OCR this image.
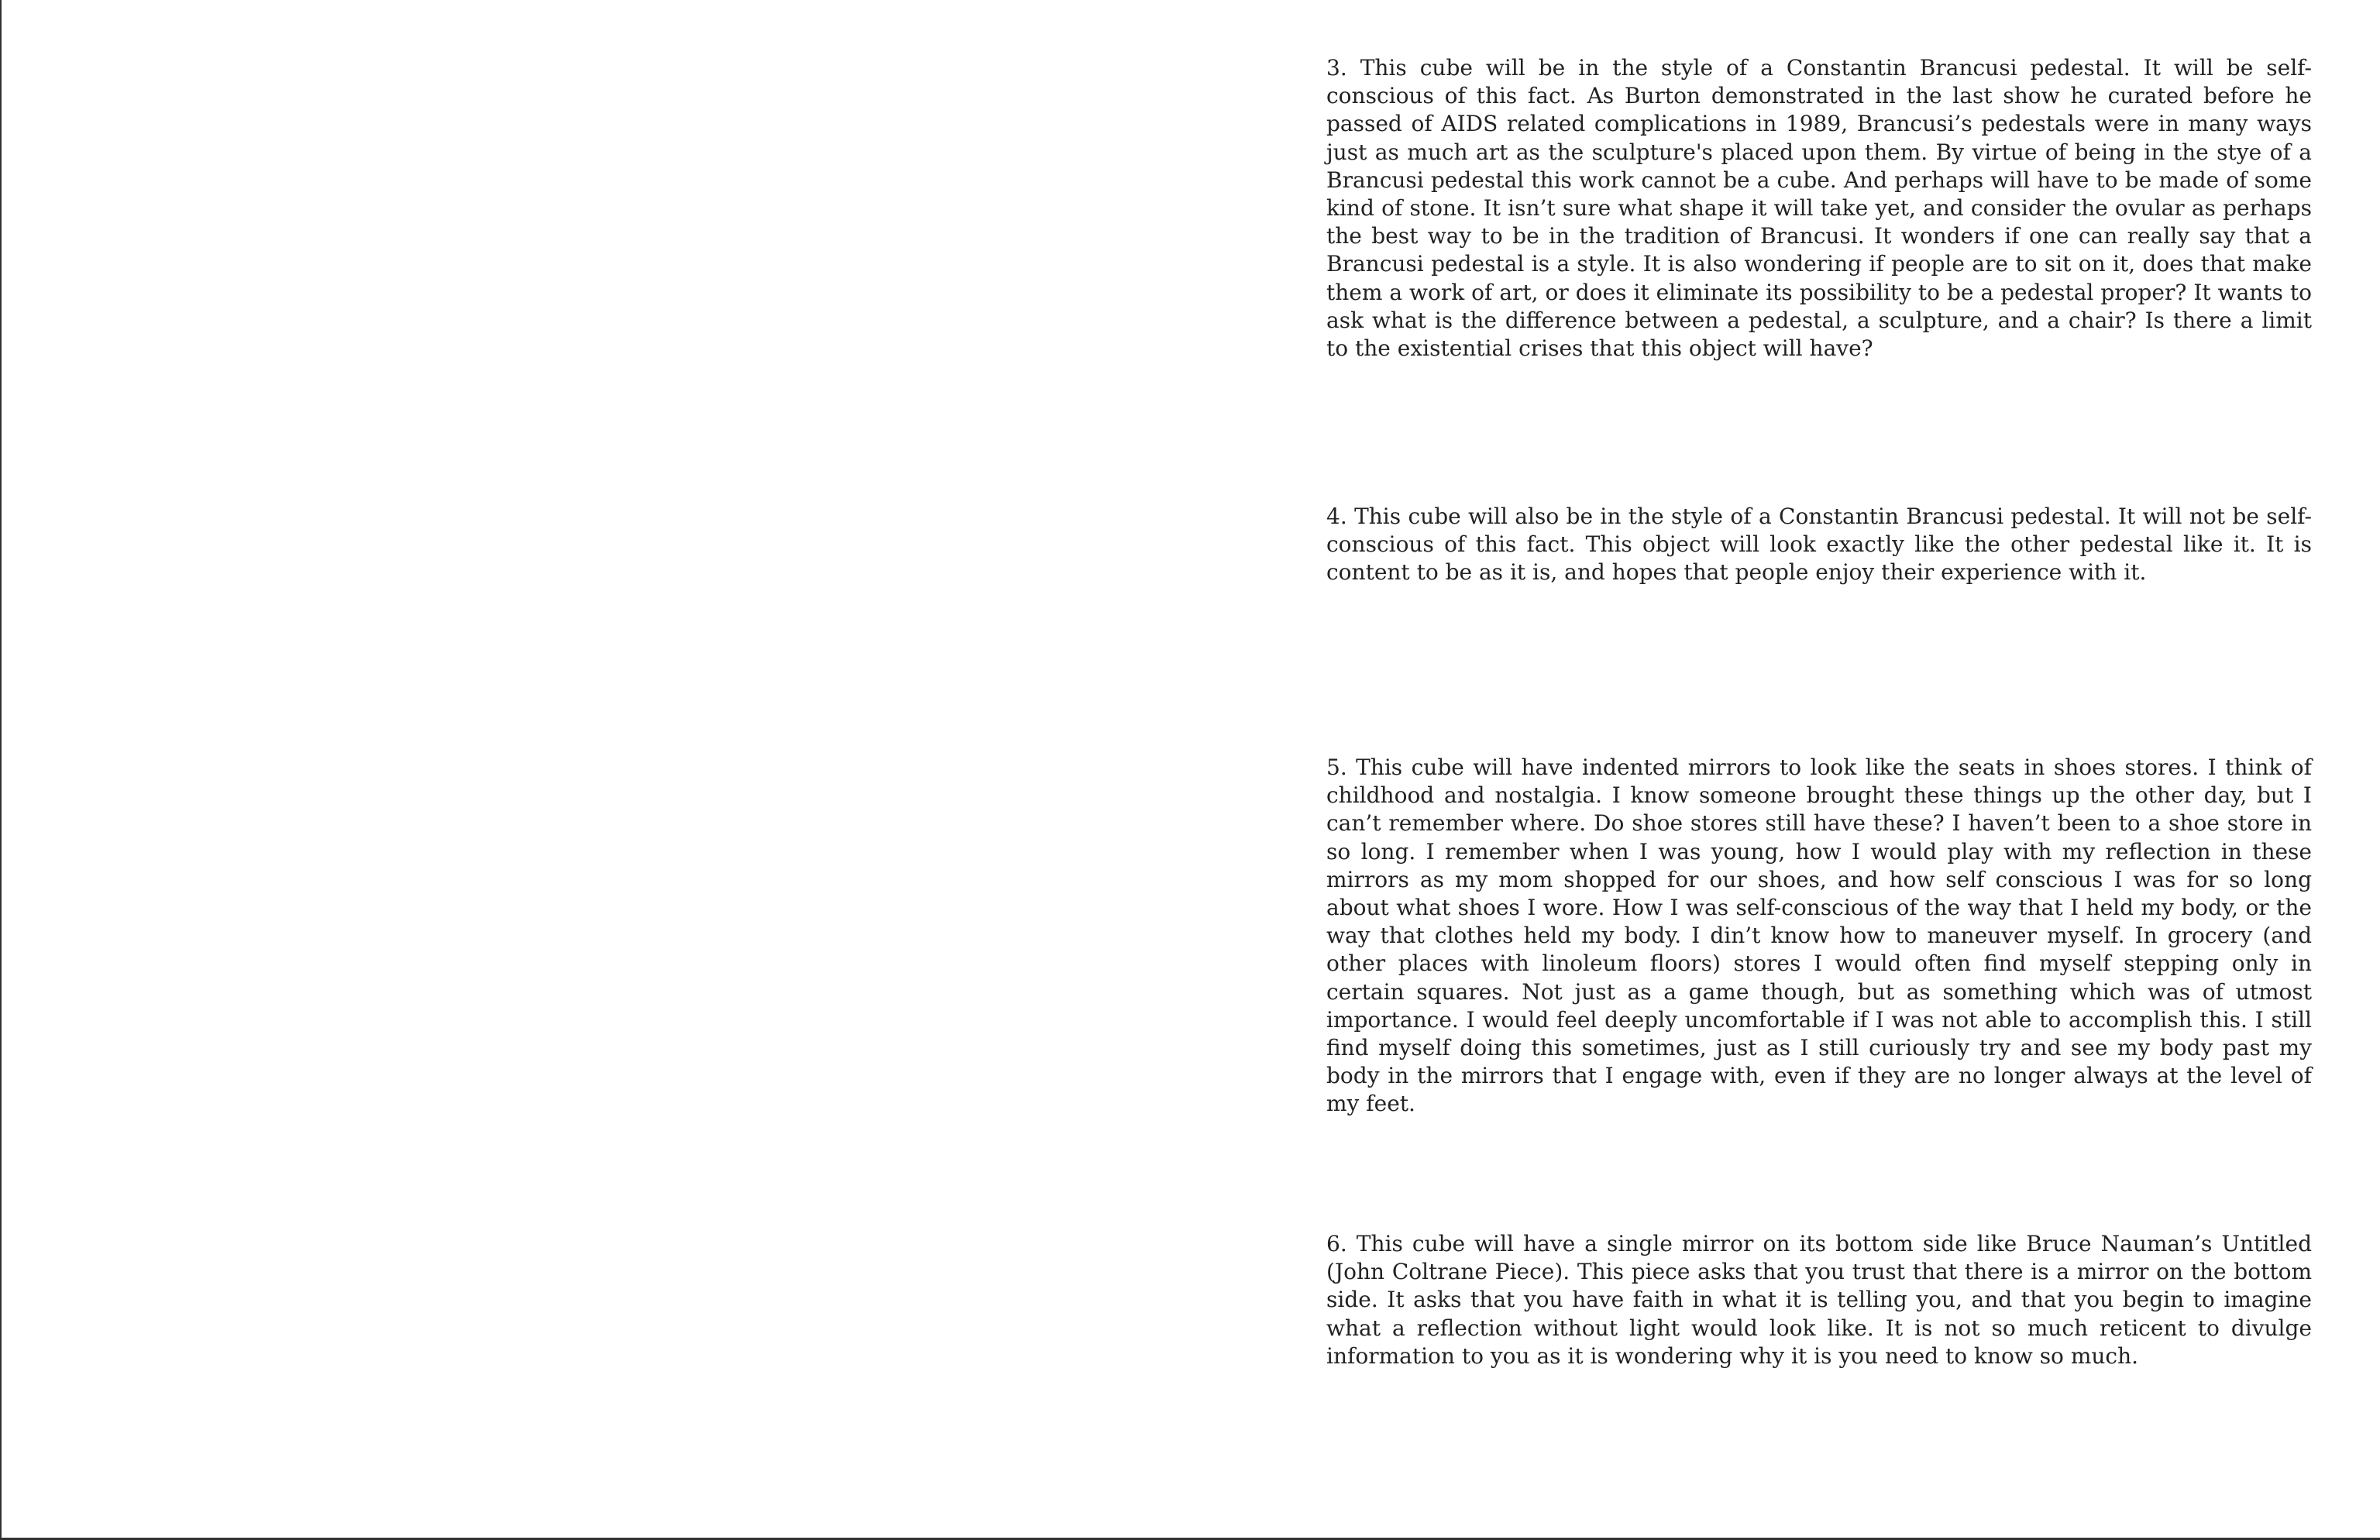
3. This cube will be in the style of a Constantin Brancusi pedestal. It will be self-conscious of this fact. As Burton demonstrated in the last show he curated before he passed of AIDS related complications in 1989, Brancusi’s pedestals were in many ways just as much art as the sculpture's placed upon them. By virtue of being in the stye of a Brancusi pedestal this work cannot be a cube. And perhaps will have to be made of some kind of stone. It isn’t sure what shape it will take yet, and consider the ovular as perhaps the best way to be in the tradition of Brancusi. It wonders if one can really say that a Brancusi pedestal is a style. It is also wondering if people are to sit on it, does that make them a work of art, or does it eliminate its possibility to be a pedestal proper? It wants to ask what is the difference between a pedestal, a sculpture, and a chair? Is there a limit to the existential crises that this object will have?

4. This cube will also be in the style of a Constantin Brancusi pedestal. It will not be self-conscious of this fact. This object will look exactly like the other pedestal like it. It is content to be as it is, and hopes that people enjoy their experience with it.

5. This cube will have indented mirrors to look like the seats in shoes stores. I think of childhood and nostalgia. I know someone brought these things up the other day, but I can’t remember where. Do shoe stores still have these? I haven’t been to a shoe store in so long. I remember when I was young, how I would play with my reflection in these mirrors as my mom shopped for our shoes, and how self conscious I was for so long about what shoes I wore. How I was self-conscious of the way that I held my body, or the way that clothes held my body. I din’t know how to maneuver myself. In grocery (and other places with linoleum floors) stores I would often find myself stepping only in certain squares. Not just as a game though, but as something which was of utmost importance. I would feel deeply uncomfortable if I was not able to accomplish this. I still find myself doing this sometimes, just as I still curiously try and see my body past my body in the mirrors that I engage with, even if they are no longer always at the level of my feet.

6. This cube will have a single mirror on its bottom side like Bruce Nauman’s Untitled (John Coltrane Piece). This piece asks that you trust that there is a mirror on the bottom side. It asks that you have faith in what it is telling you, and that you begin to imagine what a reflection without light would look like. It is not so much reticent to divulge information to you as it is wondering why it is you need to know so much.
